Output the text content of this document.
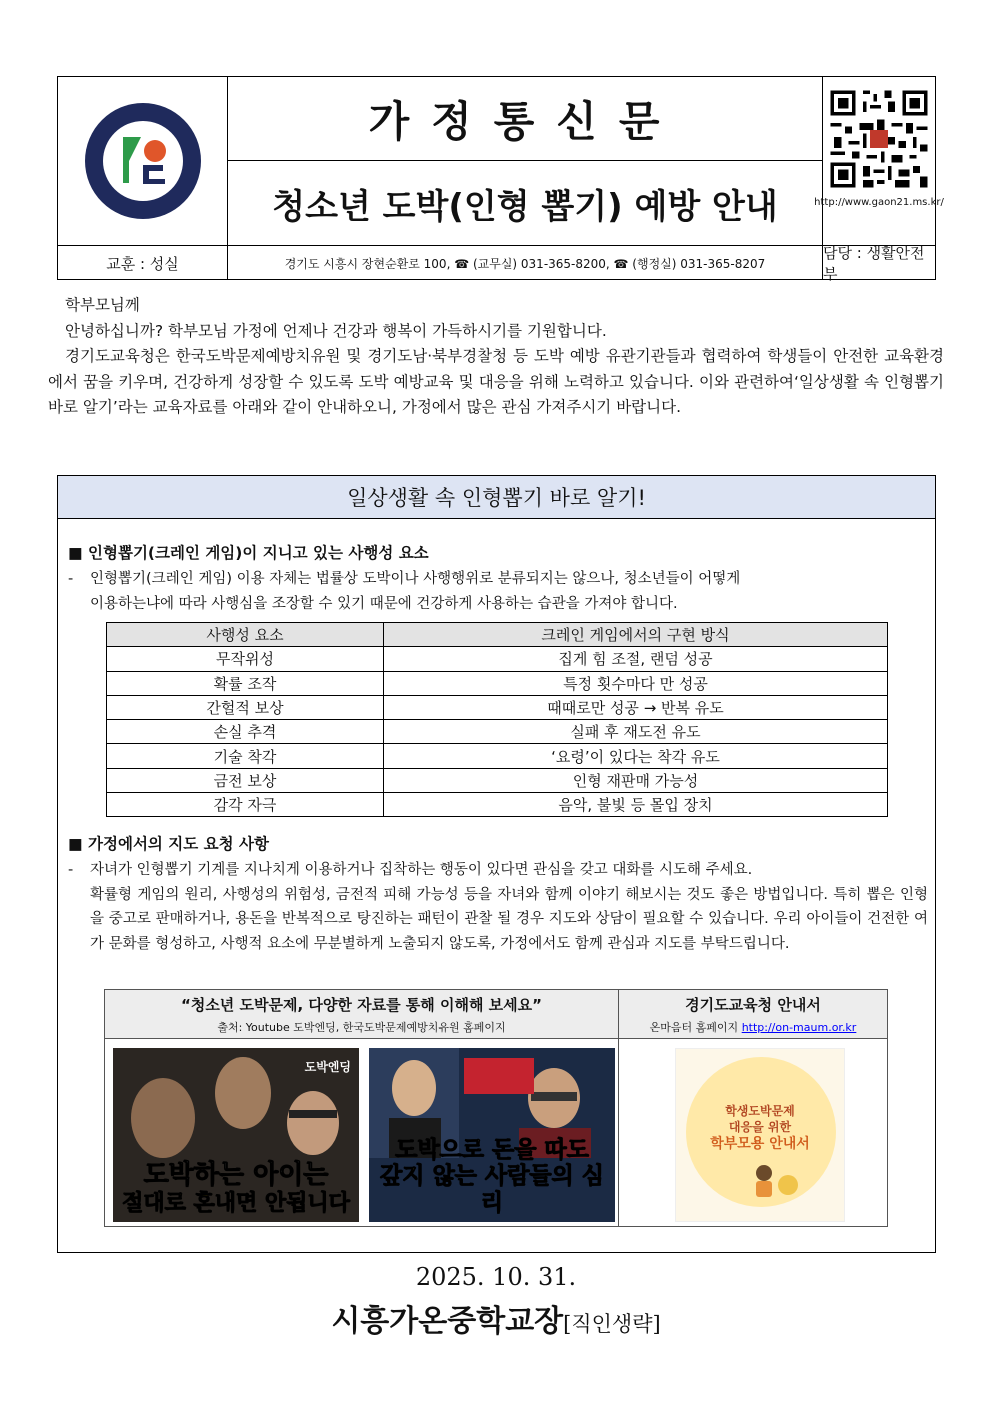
가정통신문
청소년 도박(인형 뽑기) 예방 안내	http://www.gaon21.ms.kr/
교훈 :
성실	경기도 시흥시 장현순환로 100, ☎ (교무실) 031-365-8200, ☎ (행정실) 031-365-8207
담당 : 생활안전부

학부모님께

안녕하십니까? 학부모님 가정에 언제나 건강과 행복이 가득하시기를 기원합니다.

경기도교육청은 한국도박문제예방치유원 및 경기도남·북부경찰청 등 도박 예방 유관기관들과 협력하여 학생들이 안전한 교육환경에서 꿈을 키우며, 건강하게 성장할 수 있도록 도박 예방교육 및 대응을 위해 노력하고 있습니다. 이와 관련하여‘일상생활 속 인형뽑기 바로 알기’라는 교육자료를 아래와 같이 안내하오니, 가정에서 많은 관심 가져주시기 바랍니다.

일상생활 속 인형뽑기 바로 알기!
■ 인형뽑기(크레인 게임)이 지니고 있는 사행성 요소
- 인형뽑기(크레인 게임) 이용 자체는 법률상 도박이나 사행행위로 분류되지는 않으나, 청소년들이 어떻게
이용하는냐에 따라 사행심을 조장할 수 있기 때문에 건강하게 사용하는 습관을 가져야 합니다.
사행성 요소	크레인 게임에서의 구현 방식
무작위성	집게 힘 조절, 랜덤 성공
확률 조작	특정 횟수마다 만 성공
간헐적 보상	때때로만 성공 → 반복 유도
손실 추격	실패 후 재도전 유도
기술 착각	‘요령’이 있다는 착각 유도
금전 보상	인형 재판매 가능성
감각 자극	음악, 불빛 등 몰입 장치
■ 가정에서의 지도 요청 사항
- 자녀가 인형뽑기 기계를 지나치게 이용하거나 집착하는 행동이 있다면 관심을 갖고 대화를 시도해 주세요.
확률형 게임의 원리, 사행성의 위험성, 금전적 피해 가능성 등을 자녀와 함께 이야기 해보시는 것도 좋은 방법입니다. 특히 뽑은 인형을 중고로 판매하거나, 용돈을 반복적으로 탕진하는 패턴이 관찰 될 경우 지도와 상담이 필요할 수 있습니다. 우리 아이들이 건전한 여가 문화를 형성하고, 사행적 요소에 무분별하게 노출되지 않도록, 가정에서도 함께 관심과 지도를 부탁드립니다.
“청소년 도박문제, 다양한 자료를 통해 이해해 보세요”
출처: Youtube 도박엔딩, 한국도박문제예방치유원 홈페이지
도박엔딩
도박하는 아이는
절대로 혼내면 안됩니다
도박으로 돈을 따도
갚지 않는 사람들의 심리
경기도교육청 안내서
온마음터 홈페이지 http://on-maum.or.kr
학생도박문제
대응을 위한
학부모용 안내서
2025. 10. 31.
시흥가온중학교장[직인생략]
